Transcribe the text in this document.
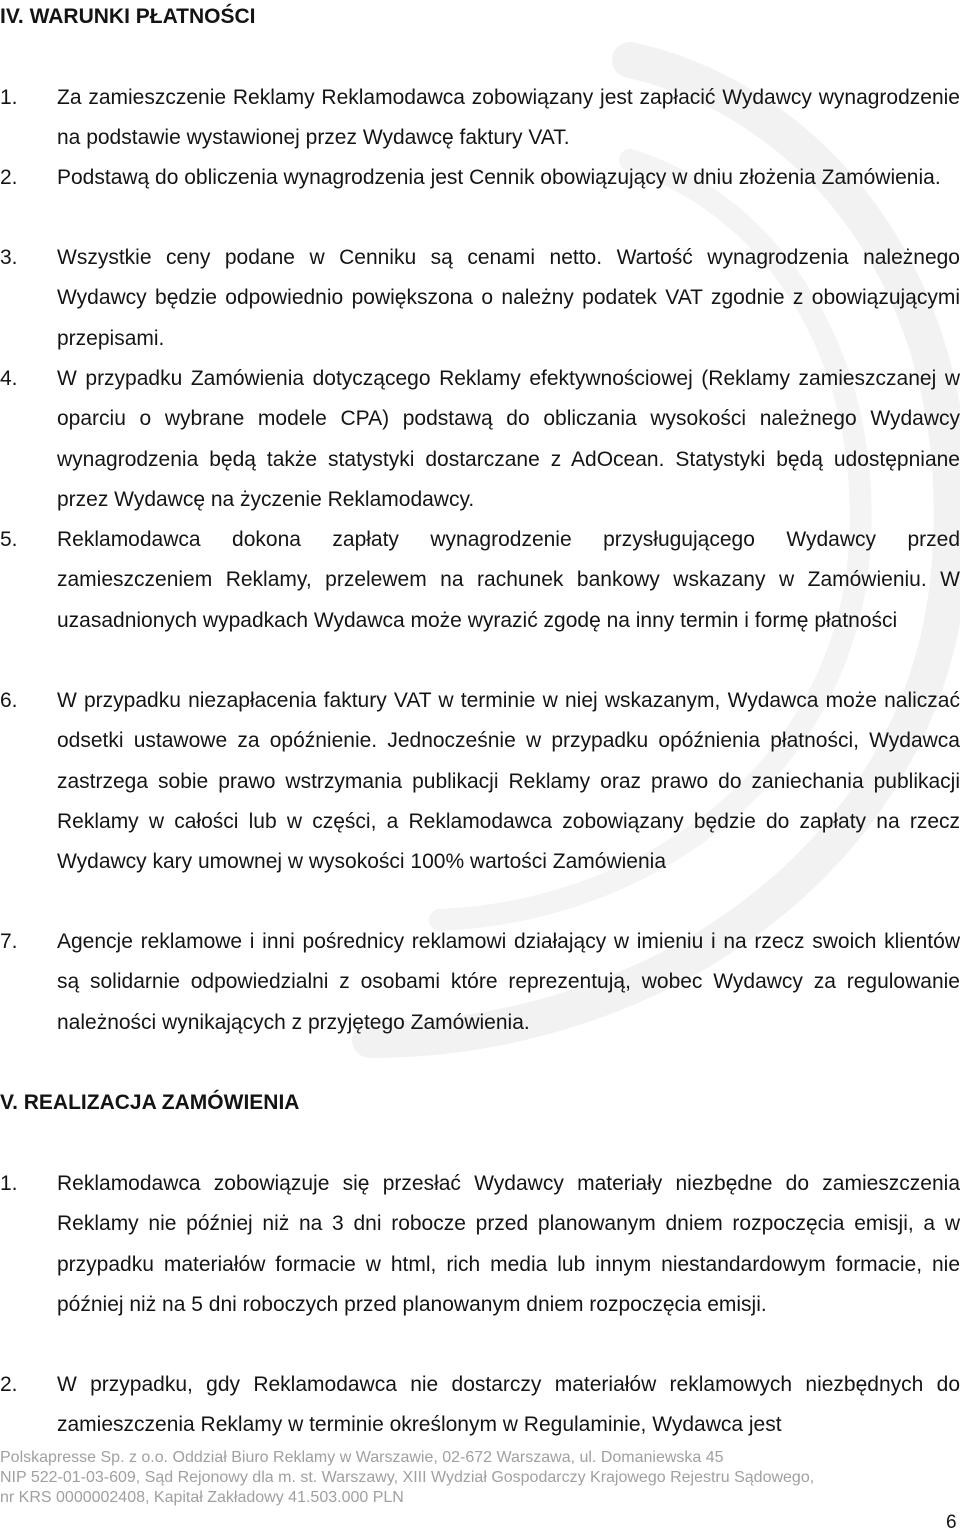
IV. WARUNKI PŁATNOŚCI
1.	Za zamieszczenie Reklamy Reklamodawca zobowiązany jest zapłacić Wydawcy wynagrodzenie na podstawie wystawionej przez Wydawcę faktury VAT.
2.	Podstawą do obliczenia wynagrodzenia jest Cennik obowiązujący w dniu złożenia Zamówienia.
3.	Wszystkie ceny podane w Cenniku są cenami netto. Wartość wynagrodzenia należnego Wydawcy będzie odpowiednio powiększona o należny podatek VAT zgodnie z obowiązującymi przepisami.
4.	W przypadku Zamówienia dotyczącego Reklamy efektywnościowej (Reklamy zamieszczanej w oparciu o wybrane modele CPA) podstawą do obliczania wysokości należnego Wydawcy wynagrodzenia będą także statystyki dostarczane z AdOcean. Statystyki będą udostępniane przez Wydawcę na życzenie Reklamodawcy.
5.	Reklamodawca dokona zapłaty wynagrodzenie przysługującego Wydawcy przed zamieszczeniem Reklamy, przelewem na rachunek bankowy wskazany w Zamówieniu. W uzasadnionych wypadkach Wydawca może wyrazić zgodę na inny termin i formę płatności
6.	W przypadku niezapłacenia faktury VAT w terminie w niej wskazanym, Wydawca może naliczać odsetki ustawowe za opóźnienie. Jednocześnie w przypadku opóźnienia płatności, Wydawca zastrzega sobie prawo wstrzymania publikacji Reklamy oraz prawo do zaniechania publikacji Reklamy w całości lub w części, a Reklamodawca zobowiązany będzie do zapłaty na rzecz Wydawcy kary umownej w wysokości 100% wartości Zamówienia
7.	Agencje reklamowe i inni pośrednicy reklamowi działający w imieniu i na rzecz swoich klientów są solidarnie odpowiedzialni z osobami które reprezentują, wobec Wydawcy za regulowanie należności wynikających z przyjętego Zamówienia.
V. REALIZACJA ZAMÓWIENIA
1.	Reklamodawca zobowiązuje się przesłać Wydawcy materiały niezbędne do zamieszczenia Reklamy nie później niż na 3 dni robocze przed planowanym dniem rozpoczęcia emisji, a w przypadku materiałów formacie w html, rich media lub innym niestandardowym formacie, nie później niż na 5 dni roboczych przed planowanym dniem rozpoczęcia emisji.
2.	W przypadku, gdy Reklamodawca nie dostarczy materiałów reklamowych niezbędnych do zamieszczenia Reklamy w terminie określonym w Regulaminie, Wydawca jest
Polskapresse Sp. z o.o. Oddział Biuro Reklamy w Warszawie, 02-672 Warszawa, ul. Domaniewska 45
NIP 522-01-03-609, Sąd Rejonowy dla m. st. Warszawy, XIII Wydział Gospodarczy Krajowego Rejestru Sądowego,
nr KRS 0000002408, Kapitał Zakładowy 41.503.000 PLN
6
